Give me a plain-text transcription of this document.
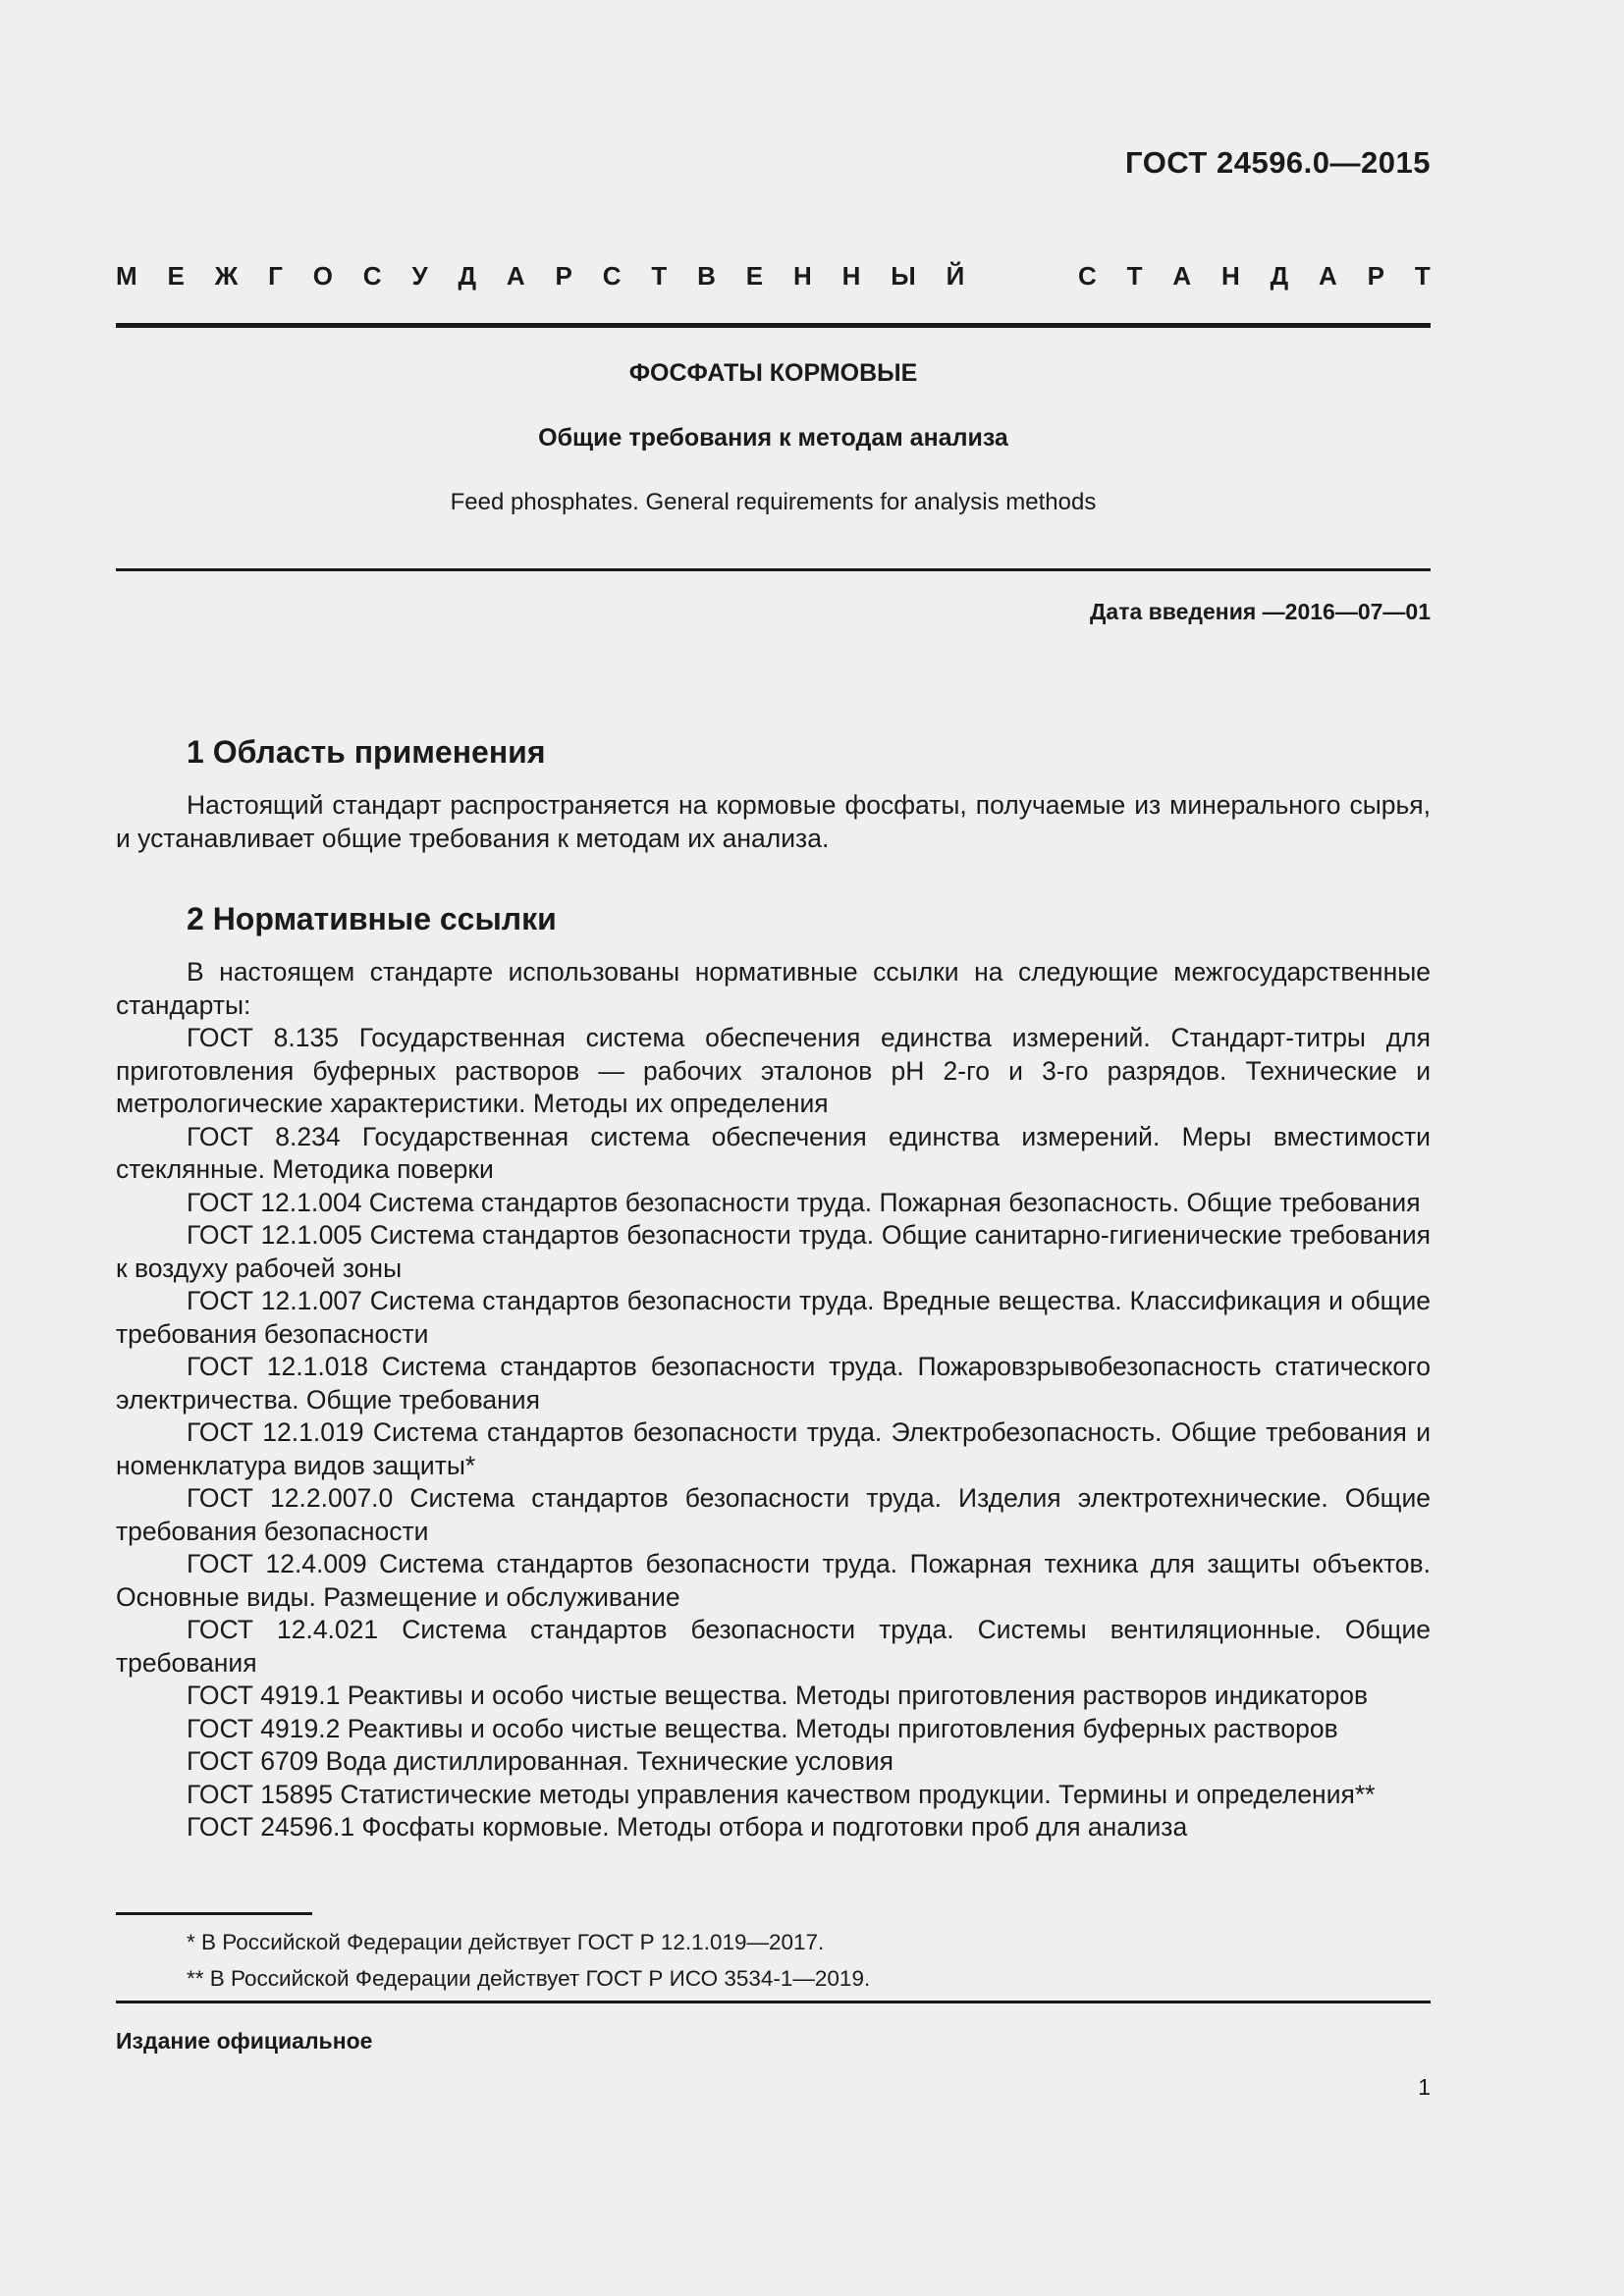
ГОСТ 24596.0—2015
М Е Ж Г О С У Д А Р С Т В Е Н Н Ы Й	С Т А Н Д А Р Т
ФОСФАТЫ КОРМОВЫЕ
Общие требования к методам анализа
Feed phosphates. General requirements for analysis methods
Дата введения —2016—07—01
1 Область применения

Настоящий стандарт распространяется на кормовые фосфаты, получаемые из минерального сырья, и устанавливает общие требования к методам их анализа.

2 Нормативные ссылки

В настоящем стандарте использованы нормативные ссылки на следующие межгосударственные стандарты:

ГОСТ 8.135 Государственная система обеспечения единства измерений. Стандарт-титры для приготовления буферных растворов — рабочих эталонов pH 2-го и 3-го разрядов. Технические и метрологические характеристики. Методы их определения

ГОСТ 8.234 Государственная система обеспечения единства измерений. Меры вместимости стеклянные. Методика поверки

ГОСТ 12.1.004 Система стандартов безопасности труда. Пожарная безопасность. Общие требования

ГОСТ 12.1.005 Система стандартов безопасности труда. Общие санитарно-гигиенические требования к воздуху рабочей зоны

ГОСТ 12.1.007 Система стандартов безопасности труда. Вредные вещества. Классификация и общие требования безопасности

ГОСТ 12.1.018 Система стандартов безопасности труда. Пожаровзрывобезопасность статического электричества. Общие требования

ГОСТ 12.1.019 Система стандартов безопасности труда. Электробезопасность. Общие требования и номенклатура видов защиты*

ГОСТ 12.2.007.0 Система стандартов безопасности труда. Изделия электротехнические. Общие требования безопасности

ГОСТ 12.4.009 Система стандартов безопасности труда. Пожарная техника для защиты объектов. Основные виды. Размещение и обслуживание

ГОСТ 12.4.021 Система стандартов безопасности труда. Системы вентиляционные. Общие требования

ГОСТ 4919.1 Реактивы и особо чистые вещества. Методы приготовления растворов индикаторов

ГОСТ 4919.2 Реактивы и особо чистые вещества. Методы приготовления буферных растворов

ГОСТ 6709 Вода дистиллированная. Технические условия

ГОСТ 15895 Статистические методы управления качеством продукции. Термины и определения**

ГОСТ 24596.1 Фосфаты кормовые. Методы отбора и подготовки проб для анализа

* В Российской Федерации действует ГОСТ Р 12.1.019—2017.
** В Российской Федерации действует ГОСТ Р ИСО 3534-1—2019.
Издание официальное
1
